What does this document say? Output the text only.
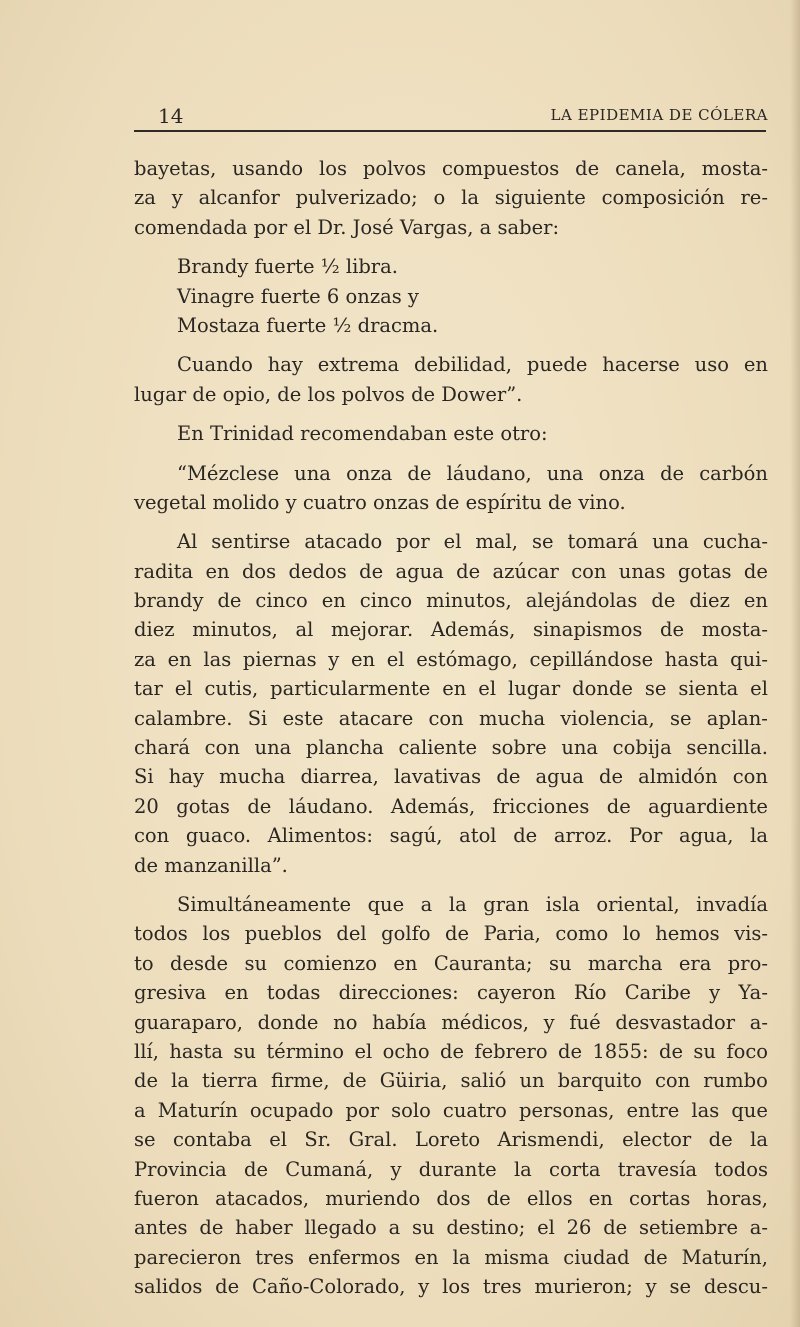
14	LA EPIDEMIA DE CÓLERA
bayetas, usando los polvos compuestos de canela, mosta-
za y alcanfor pulverizado; o la siguiente composición re-
comendada por el Dr. José Vargas, a saber:
Brandy fuerte ½ libra.
Vinagre fuerte 6 onzas y
Mostaza fuerte ½ dracma.
Cuando hay extrema debilidad, puede hacerse uso en
lugar de opio, de los polvos de Dower”.
En Trinidad recomendaban este otro:
“Mézclese una onza de láudano, una onza de carbón
vegetal molido y cuatro onzas de espíritu de vino.
Al sentirse atacado por el mal, se tomará una cucha-
radita en dos dedos de agua de azúcar con unas gotas de
brandy de cinco en cinco minutos, alejándolas de diez en
diez minutos, al mejorar. Además, sinapismos de mosta-
za en las piernas y en el estómago, cepillándose hasta qui-
tar el cutis, particularmente en el lugar donde se sienta el
calambre. Si este atacare con mucha violencia, se aplan-
chará con una plancha caliente sobre una cobija sencilla.
Si hay mucha diarrea, lavativas de agua de almidón con
20 gotas de láudano. Además, fricciones de aguardiente
con guaco. Alimentos: sagú, atol de arroz. Por agua, la
de manzanilla”.
Simultáneamente que a la gran isla oriental, invadía
todos los pueblos del golfo de Paria, como lo hemos vis-
to desde su comienzo en Cauranta; su marcha era pro-
gresiva en todas direcciones: cayeron Río Caribe y Ya-
guaraparo, donde no había médicos, y fué desvastador a-
llí, hasta su término el ocho de febrero de 1855: de su foco
de la tierra firme, de Güiria, salió un barquito con rumbo
a Maturín ocupado por solo cuatro personas, entre las que
se contaba el Sr. Gral. Loreto Arismendi, elector de la
Provincia de Cumaná, y durante la corta travesía todos
fueron atacados, muriendo dos de ellos en cortas horas,
antes de haber llegado a su destino; el 26 de setiembre a-
parecieron tres enfermos en la misma ciudad de Maturín,
salidos de Caño-Colorado, y los tres murieron; y se descu-
